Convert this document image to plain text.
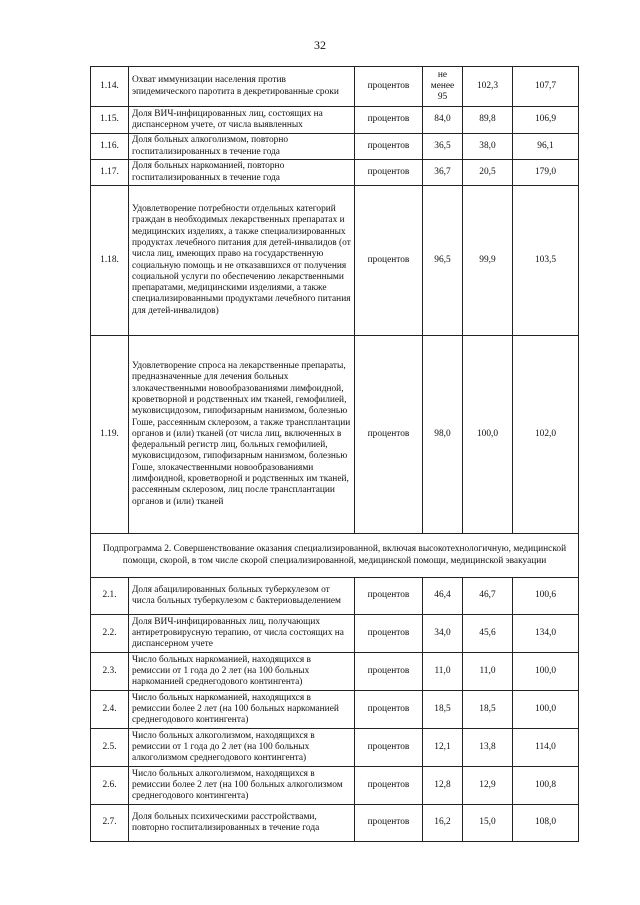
32
1.14.	Охват иммунизации населения против эпидемического паротита в декретированные сроки	процентов	не менее 95	102,3	107,7
1.15.	Доля ВИЧ-инфицированных лиц, состоящих на диспансерном учете, от числа выявленных	процентов	84,0	89,8	106,9
1.16.	Доля больных алкоголизмом, повторно госпитализированных в течение года	процентов	36,5	38,0	96,1
1.17.	Доля больных наркоманией, повторно госпитализированных в течение года	процентов	36,7	20,5	179,0
1.18.	Удовлетворение потребности отдельных категорий граждан в необходимых лекарственных препаратах и медицинских изделиях, а также специализированных продуктах лечебного питания для детей-инвалидов (от числа лиц, имеющих право на государственную социальную помощь и не отказавшихся от получения социальной услуги по обеспечению лекарственными препаратами, медицинскими изделиями, а также специализированными продуктами лечебного питания для детей-инвалидов)	процентов	96,5	99,9	103,5
1.19.	Удовлетворение спроса на лекарственные препараты, предназначенные для лечения больных злокачественными новообразованиями лимфоидной, кроветворной и родственных им тканей, гемофилией, муковисцидозом, гипофизарным нанизмом, болезнью Гоше, рассеянным склерозом, а также трансплантации органов и (или) тканей (от числа лиц, включенных в федеральный регистр лиц, больных гемофилией, муковисцидозом, гипофизарным нанизмом, болезнью Гоше, злокачественными новообразованиями лимфоидной, кроветворной и родственных им тканей, рассеянным склерозом, лиц после трансплантации органов и (или) тканей	процентов	98,0	100,0	102,0
Подпрограмма 2. Совершенствование оказания специализированной, включая высокотехнологичную, медицинской помощи, скорой, в том числе скорой специализированной, медицинской помощи, медицинской эвакуации					
2.1.	Доля абацилированных больных туберкулезом от числа больных туберкулезом с бактериовыделением	процентов	46,4	46,7	100,6
2.2.	Доля ВИЧ-инфицированных лиц, получающих антиретровирусную терапию, от числа состоящих на диспансерном учете	процентов	34,0	45,6	134,0
2.3.	Число больных наркоманией, находящихся в ремиссии от 1 года до 2 лет (на 100 больных наркоманией среднегодового контингента)	процентов	11,0	11,0	100,0
2.4.	Число больных наркоманией, находящихся в ремиссии более 2 лет (на 100 больных наркоманией среднегодового контингента)	процентов	18,5	18,5	100,0
2.5.	Число больных алкоголизмом, находящихся в ремиссии от 1 года до 2 лет (на 100 больных алкоголизмом среднегодового контингента)	процентов	12,1	13,8	114,0
2.6.	Число больных алкоголизмом, находящихся в ремиссии более 2 лет (на 100 больных алкоголизмом среднегодового контингента)	процентов	12,8	12,9	100,8
2.7.	Доля больных психическими расстройствами, повторно госпитализированных в течение года	процентов	16,2	15,0	108,0
